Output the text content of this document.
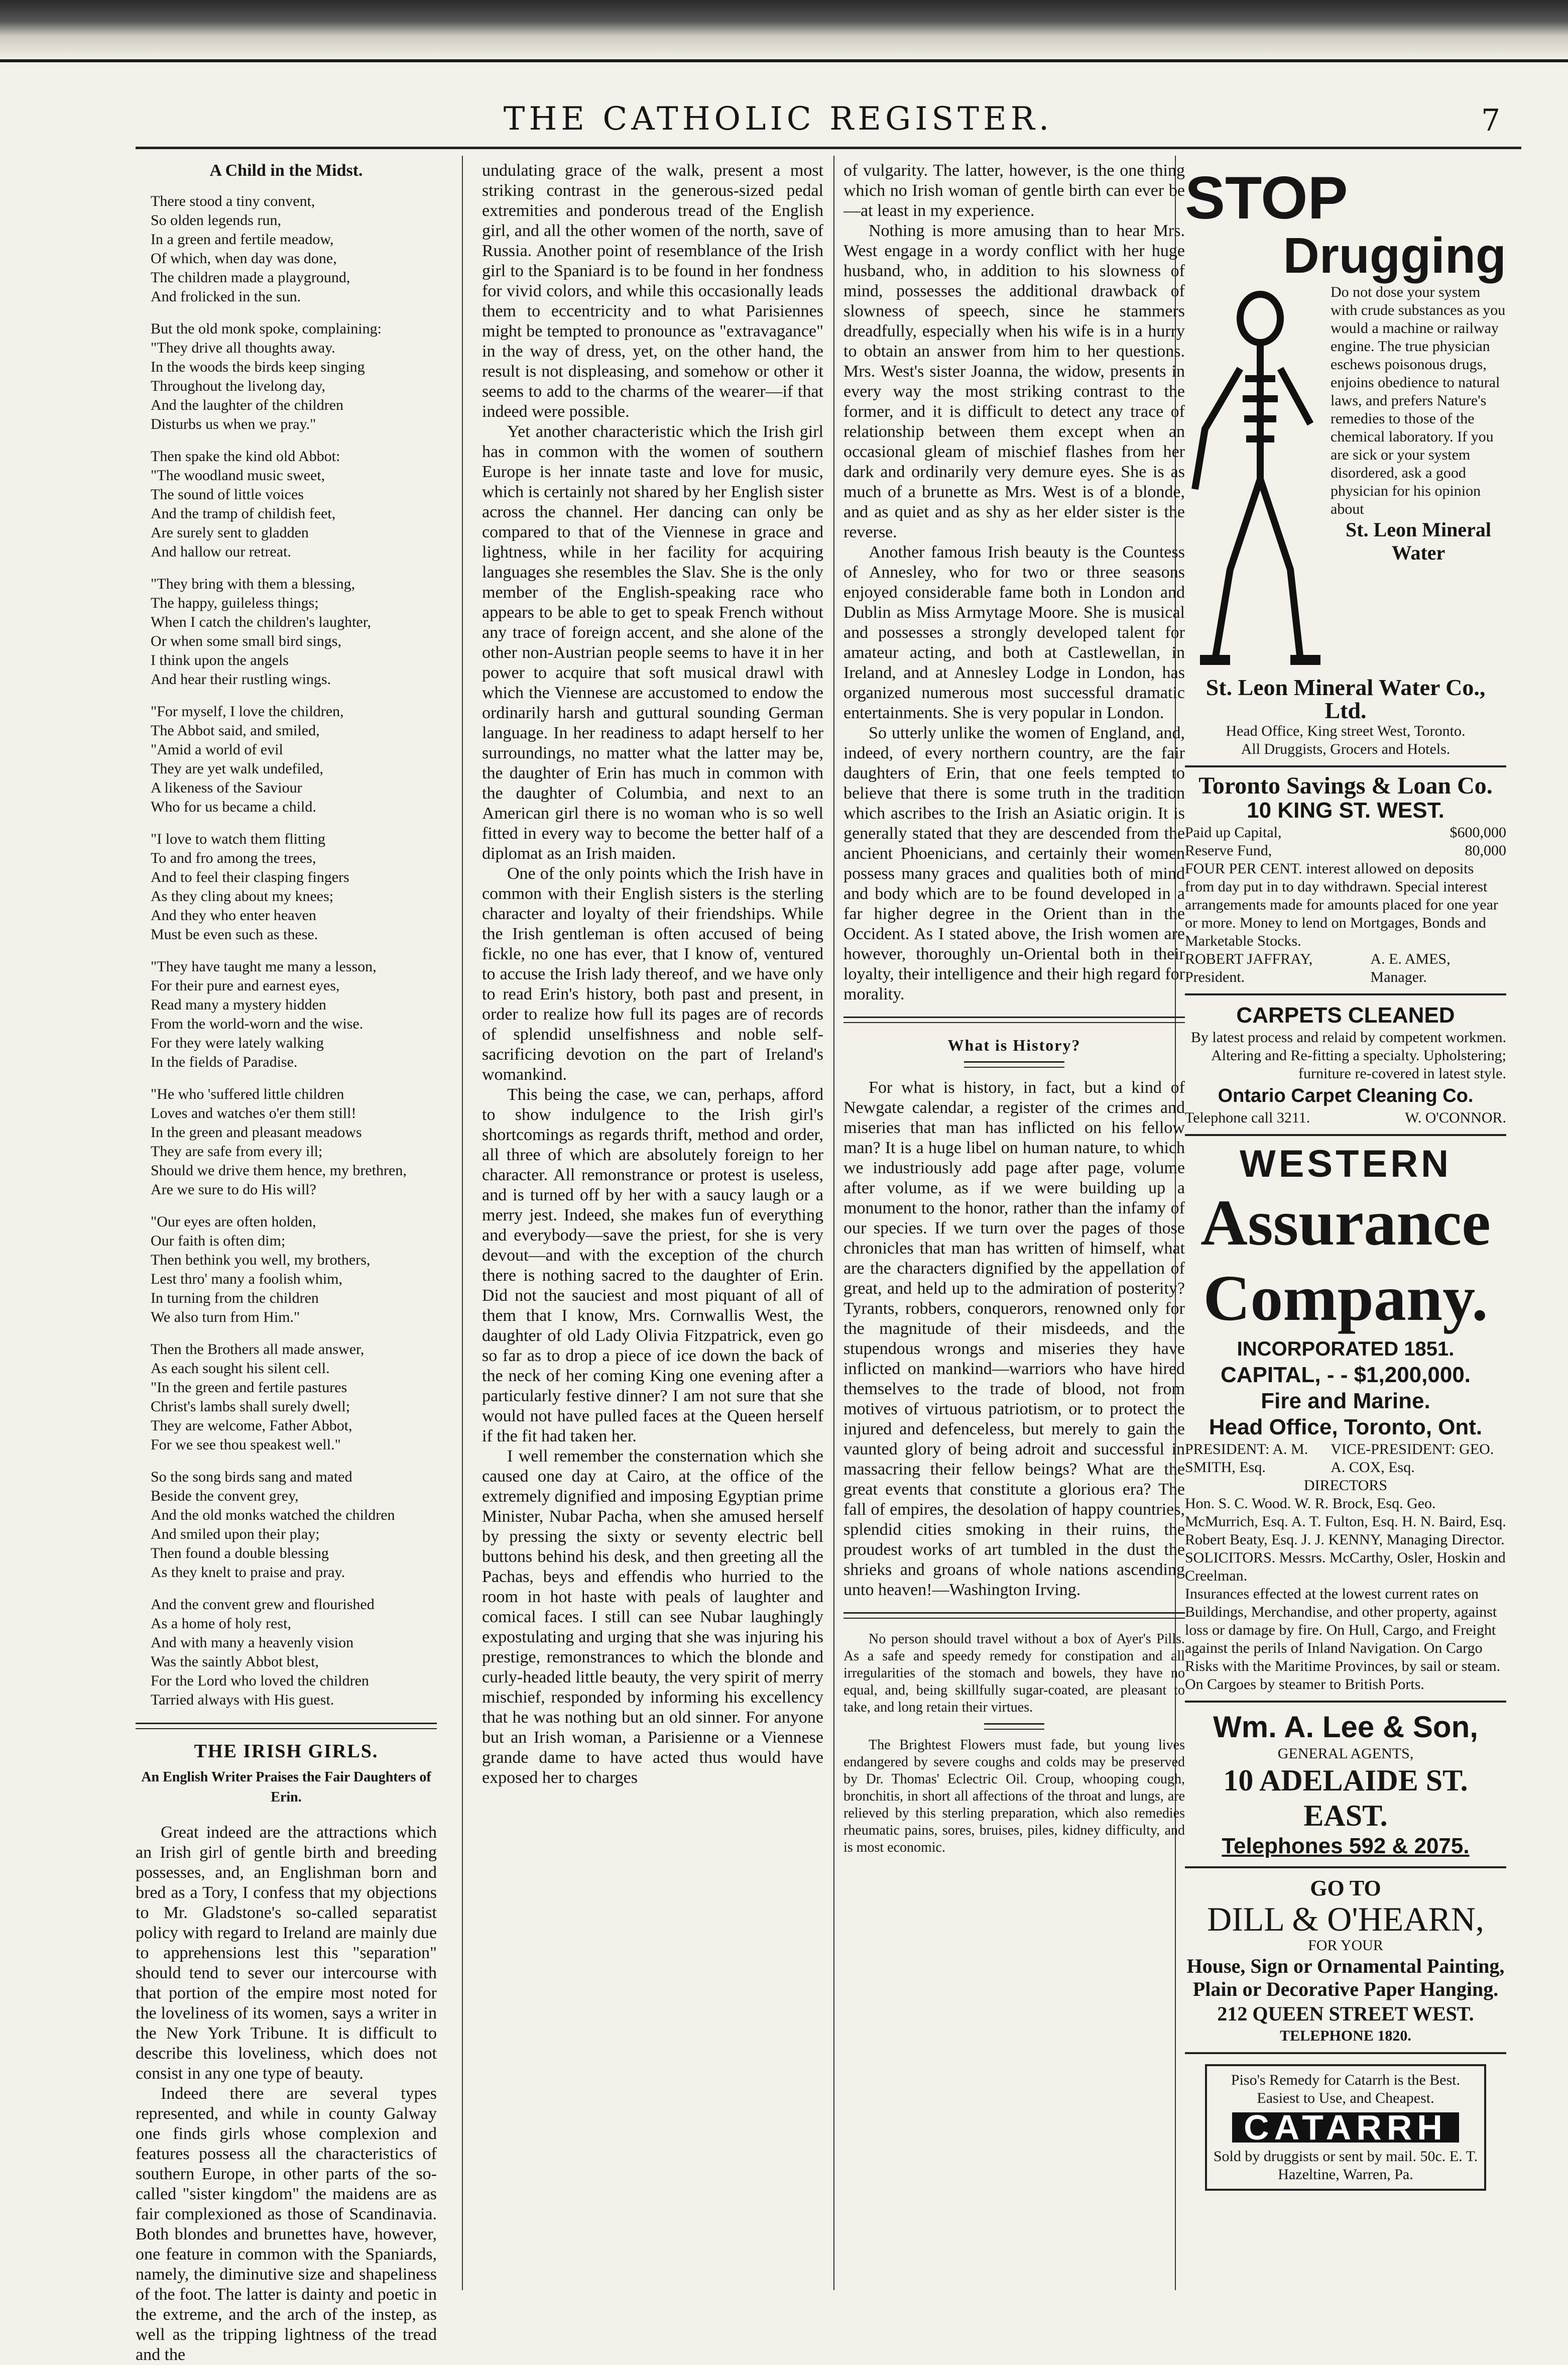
THE CATHOLIC REGISTER.	7
A Child in the Midst.
There stood a tiny convent,
So olden legends run,
In a green and fertile meadow,
Of which, when day was done,
The children made a playground,
And frolicked in the sun.
But the old monk spoke, complaining:
"They drive all thoughts away.
In the woods the birds keep singing
Throughout the livelong day,
And the laughter of the children
Disturbs us when we pray."
Then spake the kind old Abbot:
"The woodland music sweet,
The sound of little voices
And the tramp of childish feet,
Are surely sent to gladden
And hallow our retreat.
"They bring with them a blessing,
The happy, guileless things;
When I catch the children's laughter,
Or when some small bird sings,
I think upon the angels
And hear their rustling wings.
"For myself, I love the children,
The Abbot said, and smiled,
"Amid a world of evil
They are yet walk undefiled,
A likeness of the Saviour
Who for us became a child.
"I love to watch them flitting
To and fro among the trees,
And to feel their clasping fingers
As they cling about my knees;
And they who enter heaven
Must be even such as these.
"They have taught me many a lesson,
For their pure and earnest eyes,
Read many a mystery hidden
From the world-worn and the wise.
For they were lately walking
In the fields of Paradise.
"He who 'suffered little children
Loves and watches o'er them still!
In the green and pleasant meadows
They are safe from every ill;
Should we drive them hence, my brethren,
Are we sure to do His will?
"Our eyes are often holden,
Our faith is often dim;
Then bethink you well, my brothers,
Lest thro' many a foolish whim,
In turning from the children
We also turn from Him."
Then the Brothers all made answer,
As each sought his silent cell.
"In the green and fertile pastures
Christ's lambs shall surely dwell;
They are welcome, Father Abbot,
For we see thou speakest well."
So the song birds sang and mated
Beside the convent grey,
And the old monks watched the children
And smiled upon their play;
Then found a double blessing
As they knelt to praise and pray.
And the convent grew and flourished
As a home of holy rest,
And with many a heavenly vision
Was the saintly Abbot blest,
For the Lord who loved the children
Tarried always with His guest.
THE IRISH GIRLS.
An English Writer Praises the Fair Daughters of Erin.

Great indeed are the attractions which an Irish girl of gentle birth and breeding possesses, and, an Englishman born and bred as a Tory, I confess that my objections to Mr. Gladstone's so-called separatist policy with regard to Ireland are mainly due to apprehensions lest this "separation" should tend to sever our intercourse with that portion of the empire most noted for the loveliness of its women, says a writer in the New York Tribune. It is difficult to describe this loveliness, which does not consist in any one type of beauty.

Indeed there are several types represented, and while in county Galway one finds girls whose complexion and features possess all the characteristics of southern Europe, in other parts of the so-called "sister kingdom" the maidens are as fair complexioned as those of Scandinavia. Both blondes and brunettes have, however, one feature in common with the Spaniards, namely, the diminutive size and shapeliness of the foot. The latter is dainty and poetic in the extreme, and the arch of the instep, as well as the tripping lightness of the tread and the

undulating grace of the walk, present a most striking contrast in the generous-sized pedal extremities and ponderous tread of the English girl, and all the other women of the north, save of Russia. Another point of resemblance of the Irish girl to the Spaniard is to be found in her fondness for vivid colors, and while this occasionally leads them to eccentricity and to what Parisiennes might be tempted to pronounce as "extravagance" in the way of dress, yet, on the other hand, the result is not displeasing, and somehow or other it seems to add to the charms of the wearer—if that indeed were possible.

Yet another characteristic which the Irish girl has in common with the women of southern Europe is her innate taste and love for music, which is certainly not shared by her English sister across the channel. Her dancing can only be compared to that of the Viennese in grace and lightness, while in her facility for acquiring languages she resembles the Slav. She is the only member of the English-speaking race who appears to be able to get to speak French without any trace of foreign accent, and she alone of the other non-Austrian people seems to have it in her power to acquire that soft musical drawl with which the Viennese are accustomed to endow the ordinarily harsh and guttural sounding German language. In her readiness to adapt herself to her surroundings, no matter what the latter may be, the daughter of Erin has much in common with the daughter of Columbia, and next to an American girl there is no woman who is so well fitted in every way to become the better half of a diplomat as an Irish maiden.

One of the only points which the Irish have in common with their English sisters is the sterling character and loyalty of their friendships. While the Irish gentleman is often accused of being fickle, no one has ever, that I know of, ventured to accuse the Irish lady thereof, and we have only to read Erin's history, both past and present, in order to realize how full its pages are of records of splendid unselfishness and noble self-sacrificing devotion on the part of Ireland's womankind.

This being the case, we can, perhaps, afford to show indulgence to the Irish girl's shortcomings as regards thrift, method and order, all three of which are absolutely foreign to her character. All remonstrance or protest is useless, and is turned off by her with a saucy laugh or a merry jest. Indeed, she makes fun of everything and everybody—save the priest, for she is very devout—and with the exception of the church there is nothing sacred to the daughter of Erin. Did not the sauciest and most piquant of all of them that I know, Mrs. Cornwallis West, the daughter of old Lady Olivia Fitzpatrick, even go so far as to drop a piece of ice down the back of the neck of her coming King one evening after a particularly festive dinner? I am not sure that she would not have pulled faces at the Queen herself if the fit had taken her.

I well remember the consternation which she caused one day at Cairo, at the office of the extremely dignified and imposing Egyptian prime Minister, Nubar Pacha, when she amused herself by pressing the sixty or seventy electric bell buttons behind his desk, and then greeting all the Pachas, beys and effendis who hurried to the room in hot haste with peals of laughter and comical faces. I still can see Nubar laughingly expostulating and urging that she was injuring his prestige, remonstrances to which the blonde and curly-headed little beauty, the very spirit of merry mischief, responded by informing his excellency that he was nothing but an old sinner. For anyone but an Irish woman, a Parisienne or a Viennese grande dame to have acted thus would have exposed her to charges

of vulgarity. The latter, however, is the one thing which no Irish woman of gentle birth can ever be—at least in my experience.

Nothing is more amusing than to hear Mrs. West engage in a wordy conflict with her huge husband, who, in addition to his slowness of mind, possesses the additional drawback of slowness of speech, since he stammers dreadfully, especially when his wife is in a hurry to obtain an answer from him to her questions. Mrs. West's sister Joanna, the widow, presents in every way the most striking contrast to the former, and it is difficult to detect any trace of relationship between them except when an occasional gleam of mischief flashes from her dark and ordinarily very demure eyes. She is as much of a brunette as Mrs. West is of a blonde, and as quiet and as shy as her elder sister is the reverse.

Another famous Irish beauty is the Countess of Annesley, who for two or three seasons enjoyed considerable fame both in London and Dublin as Miss Armytage Moore. She is musical and possesses a strongly developed talent for amateur acting, and both at Castlewellan, in Ireland, and at Annesley Lodge in London, has organized numerous most successful dramatic entertainments. She is very popular in London.

So utterly unlike the women of England, and, indeed, of every northern country, are the fair daughters of Erin, that one feels tempted to believe that there is some truth in the tradition which ascribes to the Irish an Asiatic origin. It is generally stated that they are descended from the ancient Phoenicians, and certainly their women possess many graces and qualities both of mind and body which are to be found developed in a far higher degree in the Orient than in the Occident. As I stated above, the Irish women are however, thoroughly un-Oriental both in their loyalty, their intelligence and their high regard for morality.

What is History?

For what is history, in fact, but a kind of Newgate calendar, a register of the crimes and miseries that man has inflicted on his fellow man? It is a huge libel on human nature, to which we industriously add page after page, volume after volume, as if we were building up a monument to the honor, rather than the infamy of our species. If we turn over the pages of those chronicles that man has written of himself, what are the characters dignified by the appellation of great, and held up to the admiration of posterity? Tyrants, robbers, conquerors, renowned only for the magnitude of their misdeeds, and the stupendous wrongs and miseries they have inflicted on mankind—warriors who have hired themselves to the trade of blood, not from motives of virtuous patriotism, or to protect the injured and defenceless, but merely to gain the vaunted glory of being adroit and successful in massacring their fellow beings? What are the great events that constitute a glorious era? The fall of empires, the desolation of happy countries, splendid cities smoking in their ruins, the proudest works of art tumbled in the dust the shrieks and groans of whole nations ascending unto heaven!—Washington Irving.

No person should travel without a box of Ayer's Pills. As a safe and speedy remedy for constipation and all irregularities of the stomach and bowels, they have no equal, and, being skillfully sugar-coated, are pleasant to take, and long retain their virtues.

The Brightest Flowers must fade, but young lives endangered by severe coughs and colds may be preserved by Dr. Thomas' Eclectric Oil. Croup, whooping cough, bronchitis, in short all affections of the throat and lungs, are relieved by this sterling preparation, which also remedies rheumatic pains, sores, bruises, piles, kidney difficulty, and is most economic.

STOP
Drugging
Do not dose your system with crude substances as you would a machine or railway engine. The true physician eschews poisonous drugs, enjoins obedience to natural laws, and prefers Nature's remedies to those of the chemical laboratory. If you are sick or your system disordered, ask a good physician for his opinion about
St. Leon Mineral Water
St. Leon Mineral Water Co., Ltd.
Head Office, King street West, Toronto.
All Druggists, Grocers and Hotels.
Toronto Savings & Loan Co.
10 KING ST. WEST.
Paid up Capital,	$600,000
Reserve Fund,	80,000
FOUR PER CENT. interest allowed on deposits from day put in to day withdrawn. Special interest arrangements made for amounts placed for one year or more. Money to lend on Mortgages, Bonds and Marketable Stocks.
ROBERT JAFFRAY, President.
A. E. AMES, Manager.
CARPETS CLEANED
By latest process and relaid by competent workmen. Altering and Re-fitting a specialty. Upholstering; furniture re-covered in latest style.
Ontario Carpet Cleaning Co.
Telephone call 3211.	W. O'CONNOR.
WESTERN
Assurance Company.
INCORPORATED 1851.
CAPITAL, - - $1,200,000.
Fire and Marine.
Head Office, Toronto, Ont.
PRESIDENT: A. M. SMITH, Esq.
VICE-PRESIDENT: GEO. A. COX, Esq.
DIRECTORS
Hon. S. C. Wood. W. R. Brock, Esq. Geo. McMurrich, Esq. A. T. Fulton, Esq. H. N. Baird, Esq. Robert Beaty, Esq. J. J. KENNY, Managing Director.
SOLICITORS. Messrs. McCarthy, Osler, Hoskin and Creelman.
Insurances effected at the lowest current rates on Buildings, Merchandise, and other property, against loss or damage by fire. On Hull, Cargo, and Freight against the perils of Inland Navigation. On Cargo Risks with the Maritime Provinces, by sail or steam. On Cargoes by steamer to British Ports.
Wm. A. Lee & Son,
GENERAL AGENTS,
10 ADELAIDE ST. EAST.
Telephones 592 & 2075.
GO TO
DILL & O'HEARN,
FOR YOUR
House, Sign or Ornamental Painting, Plain or Decorative Paper Hanging.
212 QUEEN STREET WEST.
TELEPHONE 1820.
Piso's Remedy for Catarrh is the Best. Easiest to Use, and Cheapest.
CATARRH
Sold by druggists or sent by mail. 50c. E. T. Hazeltine, Warren, Pa.
